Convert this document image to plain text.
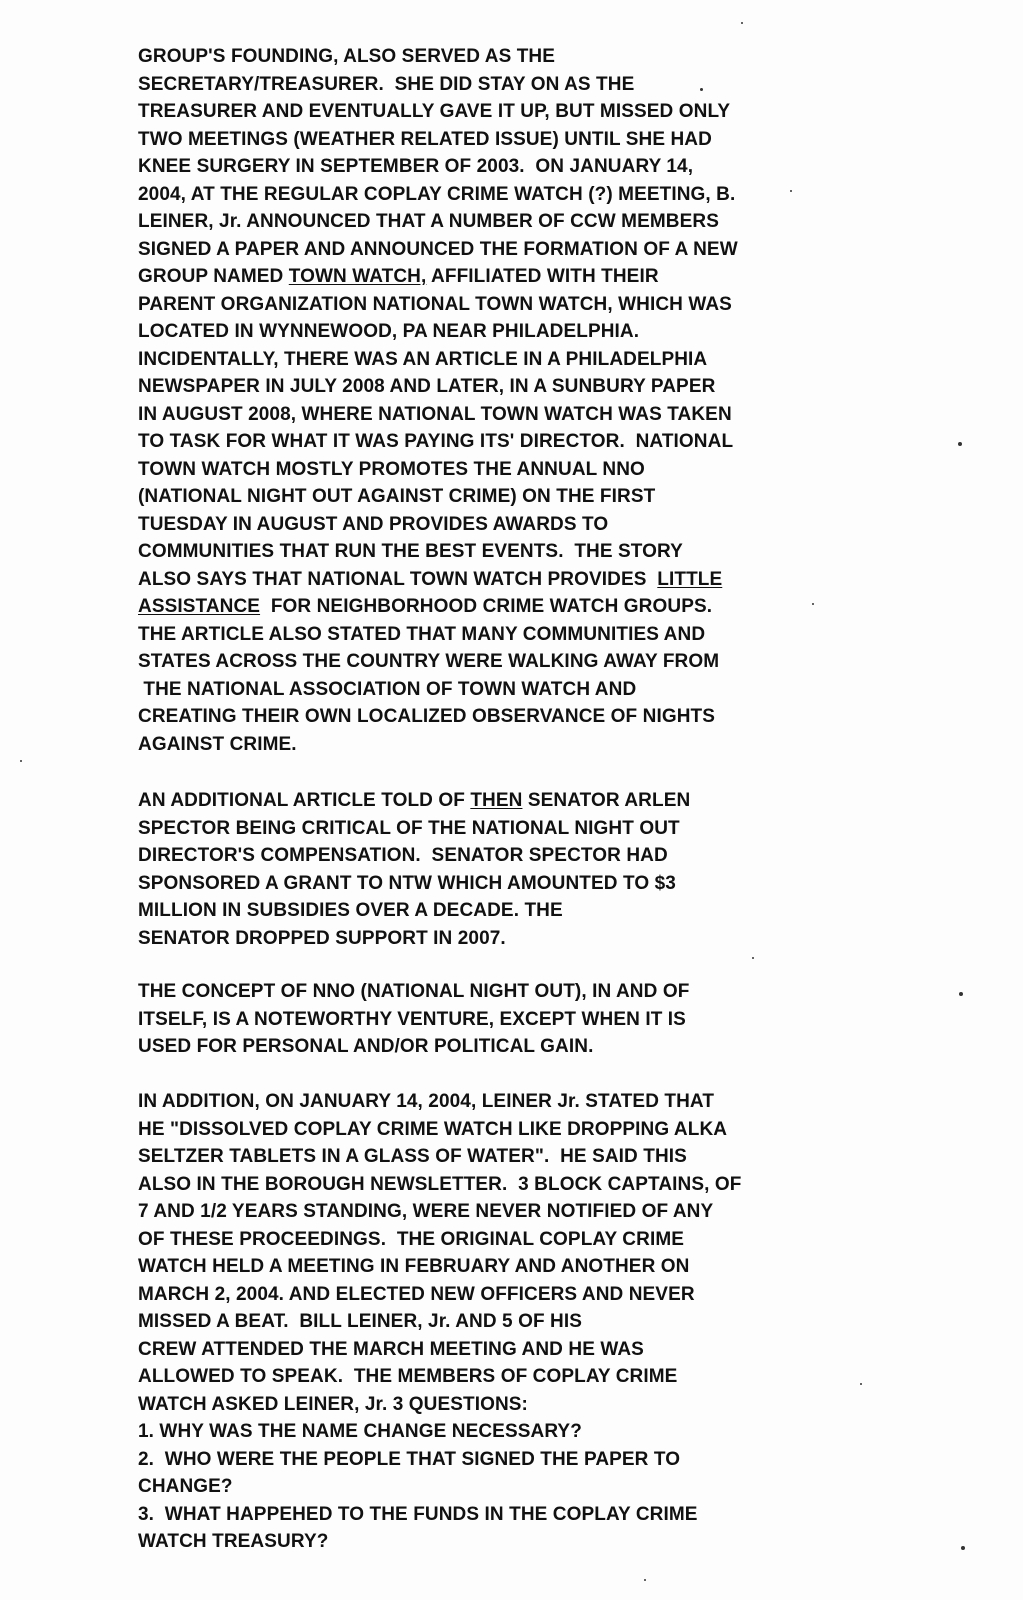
GROUP'S FOUNDING, ALSO SERVED AS THE
SECRETARY/TREASURER.  SHE DID STAY ON AS THE
TREASURER AND EVENTUALLY GAVE IT UP, BUT MISSED ONLY
TWO MEETINGS (WEATHER RELATED ISSUE) UNTIL SHE HAD
KNEE SURGERY IN SEPTEMBER OF 2003.  ON JANUARY 14,
2004, AT THE REGULAR COPLAY CRIME WATCH (?) MEETING, B.
LEINER, Jr. ANNOUNCED THAT A NUMBER OF CCW MEMBERS
SIGNED A PAPER AND ANNOUNCED THE FORMATION OF A NEW
GROUP NAMED TOWN WATCH, AFFILIATED WITH THEIR
PARENT ORGANIZATION NATIONAL TOWN WATCH, WHICH WAS
LOCATED IN WYNNEWOOD, PA NEAR PHILADELPHIA.
INCIDENTALLY, THERE WAS AN ARTICLE IN A PHILADELPHIA
NEWSPAPER IN JULY 2008 AND LATER, IN A SUNBURY PAPER
IN AUGUST 2008, WHERE NATIONAL TOWN WATCH WAS TAKEN
TO TASK FOR WHAT IT WAS PAYING ITS' DIRECTOR.  NATIONAL
TOWN WATCH MOSTLY PROMOTES THE ANNUAL NNO
(NATIONAL NIGHT OUT AGAINST CRIME) ON THE FIRST
TUESDAY IN AUGUST AND PROVIDES AWARDS TO
COMMUNITIES THAT RUN THE BEST EVENTS.  THE STORY
ALSO SAYS THAT NATIONAL TOWN WATCH PROVIDES  LITTLE
ASSISTANCE  FOR NEIGHBORHOOD CRIME WATCH GROUPS.
THE ARTICLE ALSO STATED THAT MANY COMMUNITIES AND
STATES ACROSS THE COUNTRY WERE WALKING AWAY FROM
THE NATIONAL ASSOCIATION OF TOWN WATCH AND
CREATING THEIR OWN LOCALIZED OBSERVANCE OF NIGHTS
AGAINST CRIME.
AN ADDITIONAL ARTICLE TOLD OF THEN SENATOR ARLEN
SPECTOR BEING CRITICAL OF THE NATIONAL NIGHT OUT
DIRECTOR'S COMPENSATION.  SENATOR SPECTOR HAD
SPONSORED A GRANT TO NTW WHICH AMOUNTED TO $3
MILLION IN SUBSIDIES OVER A DECADE. THE
SENATOR DROPPED SUPPORT IN 2007.
THE CONCEPT OF NNO (NATIONAL NIGHT OUT), IN AND OF
ITSELF, IS A NOTEWORTHY VENTURE, EXCEPT WHEN IT IS
USED FOR PERSONAL AND/OR POLITICAL GAIN.
IN ADDITION, ON JANUARY 14, 2004, LEINER Jr. STATED THAT
HE "DISSOLVED COPLAY CRIME WATCH LIKE DROPPING ALKA
SELTZER TABLETS IN A GLASS OF WATER".  HE SAID THIS
ALSO IN THE BOROUGH NEWSLETTER.  3 BLOCK CAPTAINS, OF
7 AND 1/2 YEARS STANDING, WERE NEVER NOTIFIED OF ANY
OF THESE PROCEEDINGS.  THE ORIGINAL COPLAY CRIME
WATCH HELD A MEETING IN FEBRUARY AND ANOTHER ON
MARCH 2, 2004. AND ELECTED NEW OFFICERS AND NEVER
MISSED A BEAT.  BILL LEINER, Jr. AND 5 OF HIS
CREW ATTENDED THE MARCH MEETING AND HE WAS
ALLOWED TO SPEAK.  THE MEMBERS OF COPLAY CRIME
WATCH ASKED LEINER, Jr. 3 QUESTIONS:
1. WHY WAS THE NAME CHANGE NECESSARY?
2.  WHO WERE THE PEOPLE THAT SIGNED THE PAPER TO
CHANGE?
3.  WHAT HAPPEHED TO THE FUNDS IN THE COPLAY CRIME
WATCH TREASURY?
